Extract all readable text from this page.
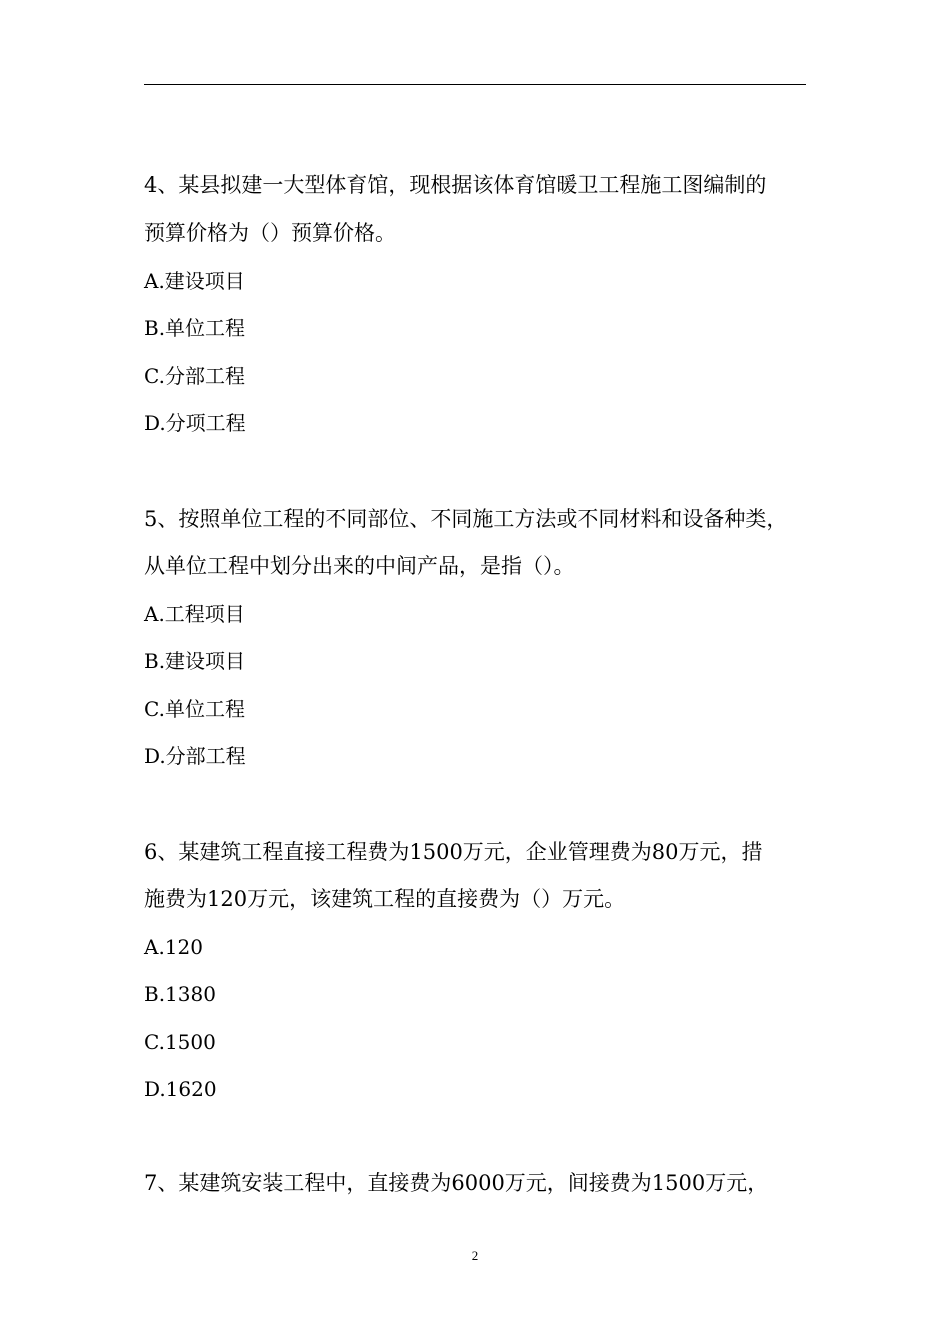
4、某县拟建一大型体育馆，现根据该体育馆暖卫工程施工图编制的
预算价格为（）预算价格。
A.建设项目
B.单位工程
C.分部工程
D.分项工程
5、按照单位工程的不同部位、不同施工方法或不同材料和设备种类，
从单位工程中划分出来的中间产品，是指（）。
A.工程项目
B.建设项目
C.单位工程
D.分部工程
6、某建筑工程直接工程费为1500万元，企业管理费为80万元，措
施费为120万元，该建筑工程的直接费为（）万元。
A.120
B.1380
C.1500
D.1620
7、某建筑安装工程中，直接费为6000万元，间接费为1500万元，
2
